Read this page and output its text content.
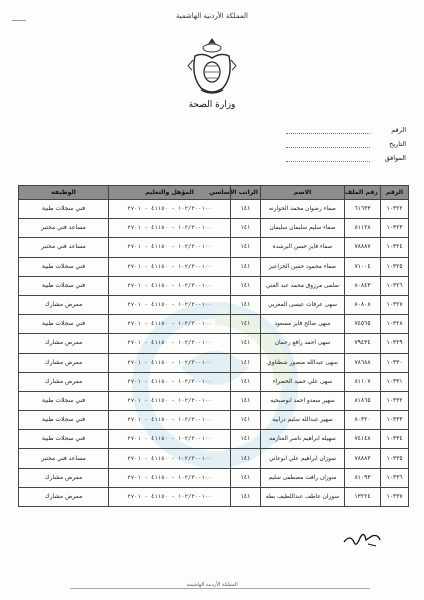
المملكة الأردنية الهاشمية
وزارة الصحة
الرقم
التاريخ
الموافق
الرقم	رقم الملف	الاسم	الراتب الأساسي	المؤهل والتعليم	الوظيفة
١٠٣٢٢	٦١٦٣٣	صفاء رضوان محمد الحوارنه	١٤١	١٠٢/٣٠٠١٠٠ - ٤١١٥٠ - ٢٧٠١	فني سجلات طبية
١٠٣٢٣	٨١١٢٨	صفاء سليم سليمان سليمان	١٤١	١٠٢/٣٠٠١٠٠ - ٤١١٥٠ - ٢٧٠١	مساعد فني مختبر
١٠٣٢٤	٧٨٨٨٧	صفاء فايز حسن البرشده	١٤١	١٠٢/٣٠٠١٠٠ - ٤١١٥٠ - ٢٧٠١	مساعد فني مختبر
١٠٣٢٥	٧١٠٠٤	صفاء محمود حسن الخزاعيز	١٤١	١٠٢/٣٠٠١٠٠ - ٤١١٥٠ - ٢٧٠١	فني سجلات طبية
١٠٣٢٦	٨٠٨٤٣	سلمى مرزوق محمد عبد الغني	١٤١	١٠٢/٣٠٠١٠٠ - ٤١١٥٠ - ٢٧٠١	فني سجلات طبية
١٠٣٢٧	٨٠٨٠٨	سهى عرفات عيسى المغربي	١٤١	١٠٢/٣٠٠١٠٠ - ٤١١٥٠ - ٢٧٠١	ممرض مشارك
١٠٣٢٨	٧٤٥٦٥	سهى صالح فايز مسعود	١٤١	١٠٢/٣٠٠١٠٠ - ٤١١٥٠ - ٢٧٠١	فني سجلات طبية
١٠٣٢٩	٧٩٤٣٤	سهى احمد رافع رحمان	١٤١	١٠٢/٣٠٠١٠٠ - ٤١١٥٠ - ٢٧٠١	ممرض مشارك
١٠٣٣٠	٧٨٦٨٨	سهى عبدالله منصور شطناوي	١٤١	١٠٢/٣٠٠١٠٠ - ٤١١٥٠ - ٢٧٠١	ممرض مشارك
١٠٣٣١	٨١١٠٧	سهى علي حميد الخضراء	١٤١	١٠٢/٣٠٠١٠٠ - ٤١١٥٠ - ٢٧٠١	ممرض مشارك
١٠٣٣٢	٨١٨٦٥	سهير سعدو احمد ابوصبحيه	١٤١	١٠٢/٣٠٠١٠٠ - ٤١١٥٠ - ٢٧٠١	فني سجلات طبية
١٠٣٣٣	٨٠٣٢٠	سهير عبدالله سليم درابيه	١٤١	١٠٢/٣٠٠١٠٠ - ٤١١٥٠ - ٢٧٠١	فني سجلات طبية
١٠٣٣٤	٧٤١٤٨	سهيله ابراهيم ناصر العتازمه	١٤١	١٠٢/٣٠٠١٠٠ - ٤١١٥٠ - ٢٧٠١	فني سجلات طبية
١٠٣٣٥	٧٨٨٨٣	سوزان ابراهيم علي ابوعاني	١٤١	١٠٢/٣٠٠١٠٠ - ٤١١٥٠ - ٢٧٠١	مساعد فني مختبر
١٠٣٣٦	٨١٠٩٣	سوزان رافت مصطفى سليم	١٤١	١٠٢/٣٠٠١٠٠ - ٤١١٥٠ - ٢٧٠١	ممرض مشارك
١٠٣٣٧	١٣٢٢٤	سوزان عاطف عبداللطيف بطه	١٤١	١٠٢/٣٠٠١٠٠ - ٤١١٥٠ - ٢٧٠١	ممرض مشارك
المملكة الأردنية الهاشمية
